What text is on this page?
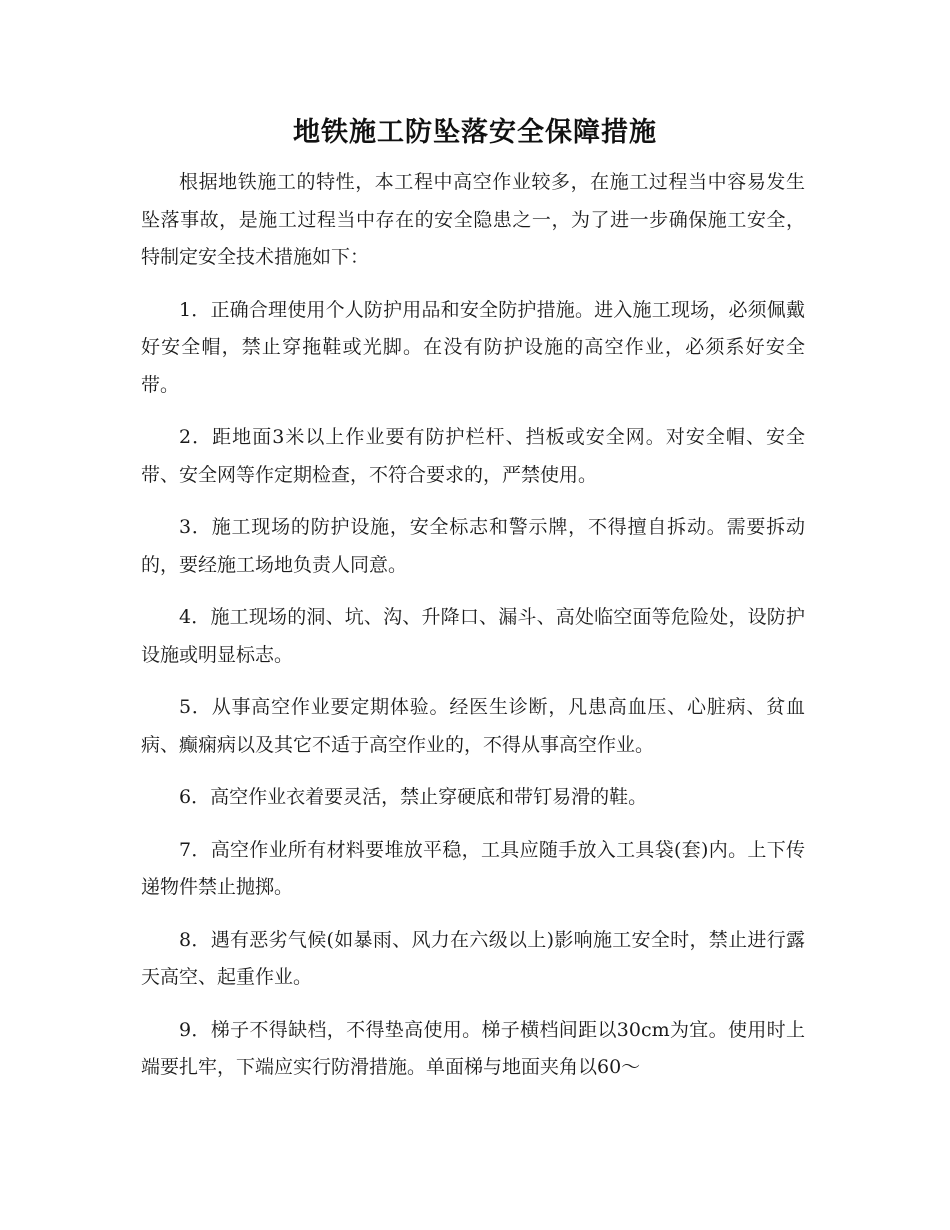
地铁施工防坠落安全保障措施

根据地铁施工的特性，本工程中高空作业较多，在施工过程当中容易发生坠落事故，是施工过程当中存在的安全隐患之一，为了进一步确保施工安全，特制定安全技术措施如下：

1．正确合理使用个人防护用品和安全防护措施。进入施工现场，必须佩戴好安全帽，禁止穿拖鞋或光脚。在没有防护设施的高空作业，必须系好安全带。

2．距地面3米以上作业要有防护栏杆、挡板或安全网。对安全帽、安全带、安全网等作定期检查，不符合要求的，严禁使用。

3．施工现场的防护设施，安全标志和警示牌，不得擅自拆动。需要拆动的，要经施工场地负责人同意。

4．施工现场的洞、坑、沟、升降口、漏斗、高处临空面等危险处，设防护设施或明显标志。

5．从事高空作业要定期体验。经医生诊断，凡患高血压、心脏病、贫血病、癫痫病以及其它不适于高空作业的，不得从事高空作业。

6．高空作业衣着要灵活，禁止穿硬底和带钉易滑的鞋。

7．高空作业所有材料要堆放平稳，工具应随手放入工具袋(套)内。上下传递物件禁止抛掷。

8．遇有恶劣气候(如暴雨、风力在六级以上)影响施工安全时，禁止进行露天高空、起重作业。

9．梯子不得缺档，不得垫高使用。梯子横档间距以30cm为宜。使用时上端要扎牢，下端应实行防滑措施。单面梯与地面夹角以60～
